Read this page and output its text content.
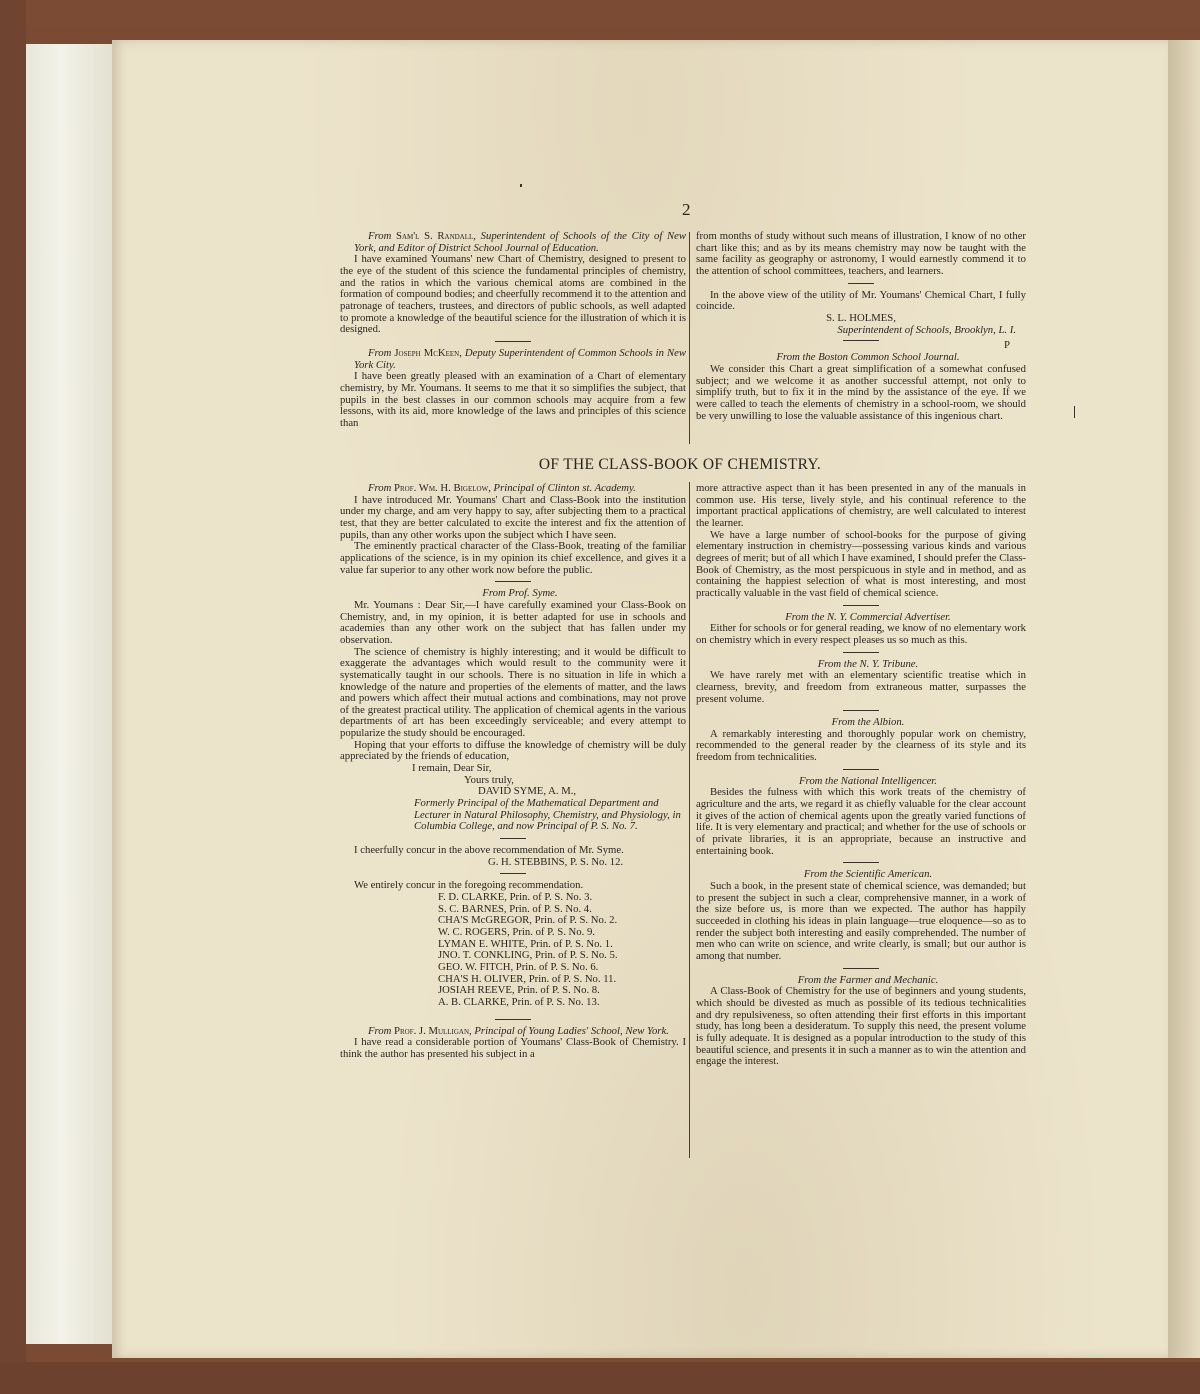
2

From Sam'l S. Randall, Superintendent of Schools of the City of New York, and Editor of District School Journal of Education.

I have examined Youmans' new Chart of Chemistry, designed to present to the eye of the student of this science the fundamental principles of chemistry, and the ratios in which the various chemical atoms are combined in the formation of compound bodies; and cheerfully recommend it to the attention and patronage of teachers, trustees, and directors of public schools, as well adapted to promote a knowledge of the beautiful science for the illustration of which it is designed.

From Joseph McKeen, Deputy Superintendent of Common Schools in New York City.

I have been greatly pleased with an examination of a Chart of elementary chemistry, by Mr. Youmans. It seems to me that it so simplifies the subject, that pupils in the best classes in our common schools may acquire from a few lessons, with its aid, more knowledge of the laws and principles of this science than

from months of study without such means of illustration, I know of no other chart like this; and as by its means chemistry may now be taught with the same facility as geography or astronomy, I would earnestly commend it to the attention of school committees, teachers, and learners.

In the above view of the utility of Mr. Youmans' Chemical Chart, I fully coincide.

S. L. HOLMES,
Superintendent of Schools, Brooklyn, L. I.
P

From the Boston Common School Journal.

We consider this Chart a great simplification of a somewhat confused subject; and we welcome it as another successful attempt, not only to simplify truth, but to fix it in the mind by the assistance of the eye. If we were called to teach the elements of chemistry in a school-room, we should be very unwilling to lose the valuable assistance of this ingenious chart.

OF THE CLASS-BOOK OF CHEMISTRY.

From Prof. Wm. H. Bigelow, Principal of Clinton st. Academy.

I have introduced Mr. Youmans' Chart and Class-Book into the institution under my charge, and am very happy to say, after subjecting them to a practical test, that they are better calculated to excite the interest and fix the attention of pupils, than any other works upon the subject which I have seen.

The eminently practical character of the Class-Book, treating of the familiar applications of the science, is in my opinion its chief excellence, and gives it a value far superior to any other work now before the public.

From Prof. Syme.

Mr. Youmans : Dear Sir,—I have carefully examined your Class-Book on Chemistry, and, in my opinion, it is better adapted for use in schools and academies than any other work on the subject that has fallen under my observation.

The science of chemistry is highly interesting; and it would be difficult to exaggerate the advantages which would result to the community were it systematically taught in our schools. There is no situation in life in which a knowledge of the nature and properties of the elements of matter, and the laws and powers which affect their mutual actions and combinations, may not prove of the greatest practical utility. The application of chemical agents in the various departments of art has been exceedingly serviceable; and every attempt to popularize the study should be encouraged.

Hoping that your efforts to diffuse the knowledge of chemistry will be duly appreciated by the friends of education,

I remain, Dear Sir,
Yours truly,
DAVID SYME, A. M.,
Formerly Principal of the Mathematical Department and Lecturer in Natural Philosophy, Chemistry, and Physiology, in Columbia College, and now Principal of P. S. No. 7.

I cheerfully concur in the above recommendation of Mr. Syme.

G. H. STEBBINS, P. S. No. 12.

We entirely concur in the foregoing recommendation.

F. D. CLARKE, Prin. of P. S. No. 3.
S. C. BARNES, Prin. of P. S. No. 4.
CHA'S McGREGOR, Prin. of P. S. No. 2.
W. C. ROGERS, Prin. of P. S. No. 9.
LYMAN E. WHITE, Prin. of P. S. No. 1.
JNO. T. CONKLING, Prin. of P. S. No. 5.
GEO. W. FITCH, Prin. of P. S. No. 6.
CHA'S H. OLIVER, Prin. of P. S. No. 11.
JOSIAH REEVE, Prin. of P. S. No. 8.
A. B. CLARKE, Prin. of P. S. No. 13.

From Prof. J. Mulligan, Principal of Young Ladies' School, New York.

I have read a considerable portion of Youmans' Class-Book of Chemistry. I think the author has presented his subject in a

more attractive aspect than it has been presented in any of the manuals in common use. His terse, lively style, and his continual reference to the important practical applications of chemistry, are well calculated to interest the learner.

We have a large number of school-books for the purpose of giving elementary instruction in chemistry—possessing various kinds and various degrees of merit; but of all which I have examined, I should prefer the Class-Book of Chemistry, as the most perspicuous in style and in method, and as containing the happiest selection of what is most interesting, and most practically valuable in the vast field of chemical science.

From the N. Y. Commercial Advertiser.

Either for schools or for general reading, we know of no elementary work on chemistry which in every respect pleases us so much as this.

From the N. Y. Tribune.

We have rarely met with an elementary scientific treatise which in clearness, brevity, and freedom from extraneous matter, surpasses the present volume.

From the Albion.

A remarkably interesting and thoroughly popular work on chemistry, recommended to the general reader by the clearness of its style and its freedom from technicalities.

From the National Intelligencer.

Besides the fulness with which this work treats of the chemistry of agriculture and the arts, we regard it as chiefly valuable for the clear account it gives of the action of chemical agents upon the greatly varied functions of life. It is very elementary and practical; and whether for the use of schools or of private libraries, it is an appropriate, because an instructive and entertaining book.

From the Scientific American.

Such a book, in the present state of chemical science, was demanded; but to present the subject in such a clear, comprehensive manner, in a work of the size before us, is more than we expected. The author has happily succeeded in clothing his ideas in plain language—true eloquence—so as to render the subject both interesting and easily comprehended. The number of men who can write on science, and write clearly, is small; but our author is among that number.

From the Farmer and Mechanic.

A Class-Book of Chemistry for the use of beginners and young students, which should be divested as much as possible of its tedious technicalities and dry repulsiveness, so often attending their first efforts in this important study, has long been a desideratum. To supply this need, the present volume is fully adequate. It is designed as a popular introduction to the study of this beautiful science, and presents it in such a manner as to win the attention and engage the interest.
